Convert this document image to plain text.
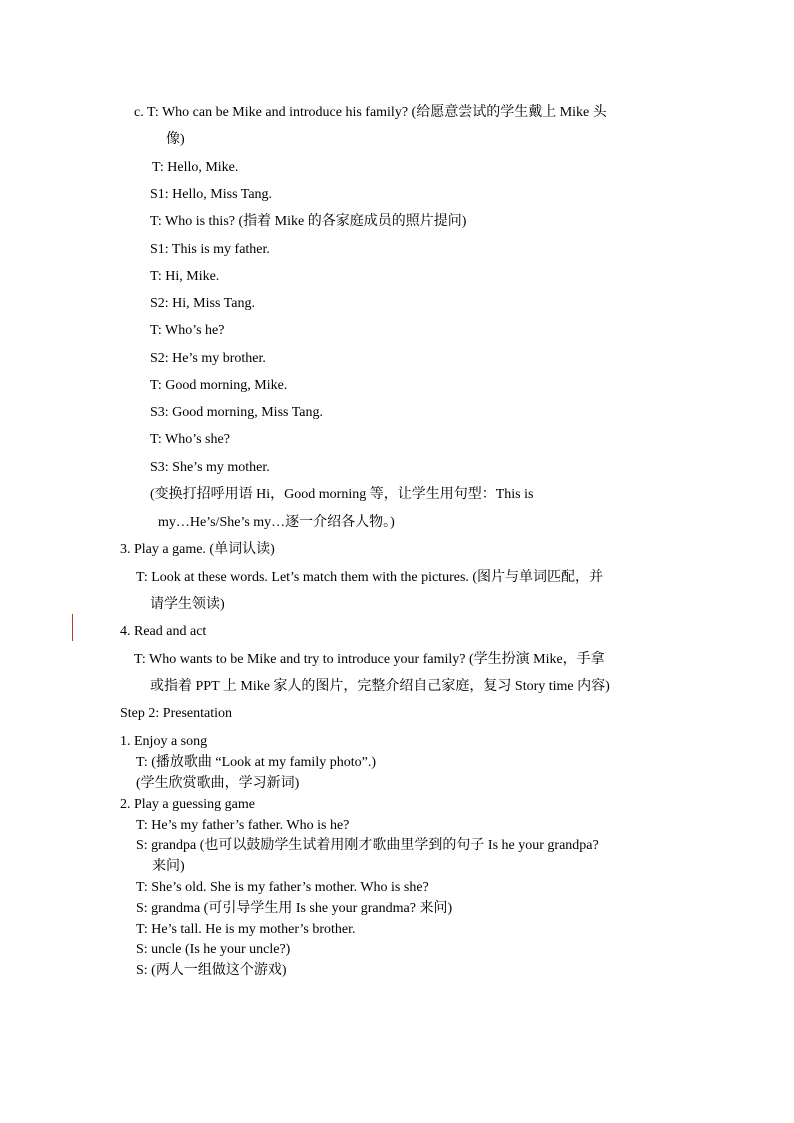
c. T: Who can be Mike and introduce his family? (给愿意尝试的学生戴上 Mike 头
像)
T: Hello, Mike.
S1: Hello, Miss Tang.
T: Who is this? (指着 Mike 的各家庭成员的照片提问)
S1: This is my father.
T: Hi, Mike.
S2: Hi, Miss Tang.
T: Who’s he?
S2: He’s my brother.
T: Good morning, Mike.
S3: Good morning, Miss Tang.
T: Who’s she?
S3: She’s my mother.
(变换打招呼用语 Hi，Good morning 等，让学生用句型：This is
my…He’s/She’s my…逐一介绍各人物。)
3. Play a game. (单词认读)
T: Look at these words. Let’s match them with the pictures. (图片与单词匹配，并
请学生领读)
4. Read and act
T: Who wants to be Mike and try to introduce your family? (学生扮演 Mike，手拿
或指着 PPT 上 Mike 家人的图片，完整介绍自己家庭，复习 Story time 内容)
Step 2: Presentation
1. Enjoy a song
T: (播放歌曲 “Look at my family photo”.)
(学生欣赏歌曲，学习新词)
2. Play a guessing game
T: He’s my father’s father. Who is he?
S: grandpa (也可以鼓励学生试着用刚才歌曲里学到的句子 Is he your grandpa?
来问)
T: She’s old. She is my father’s mother. Who is she?
S: grandma (可引导学生用 Is she your grandma? 来问)
T: He’s tall. He is my mother’s brother.
S: uncle (Is he your uncle?)
S: (两人一组做这个游戏)
